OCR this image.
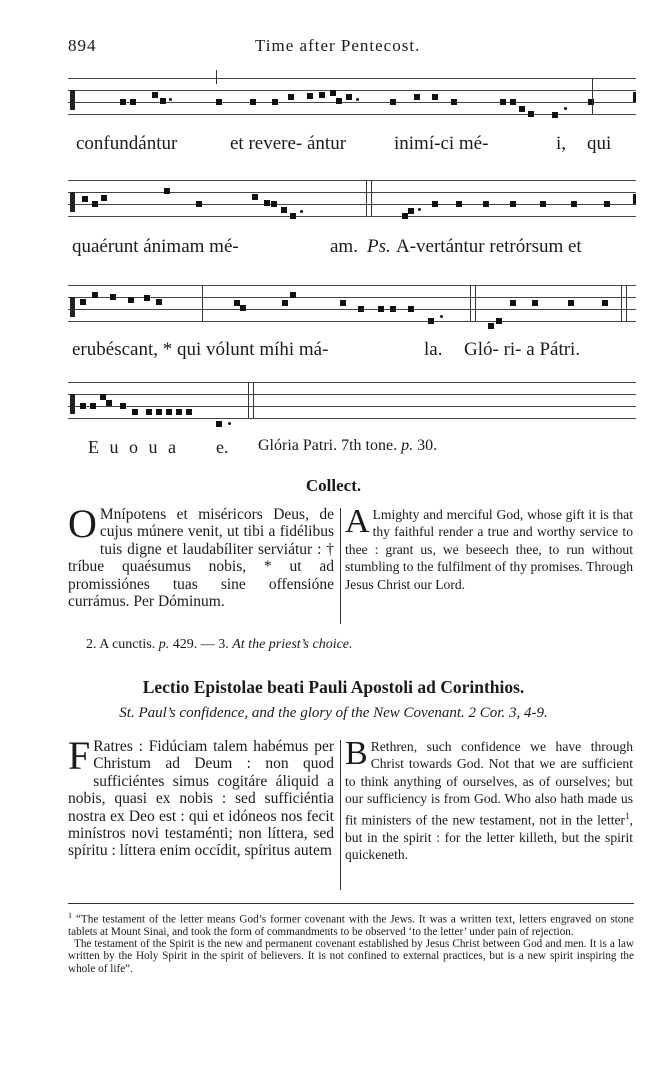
894	Time after Pentecost.
confundántur	et revere- ántur	inimí-ci mé-	i, qui
quaérunt ánimam mé-	am. Ps. A-vertántur retrórsum et
erubéscant, * qui vólunt míhi má-	la. Gló- ri- a Pátri.
E u o u a e. Glória Patri. 7th tone. p. 30.
Collect.
O Mnípotens et miséricors Deus, de cujus múnere venit, ut tibi a fidélibus tuis digne et laudabíliter serviátur : † tríbue quaésumus nobis, * ut ad promissiónes tuas sine offensióne currámus. Per Dóminum.
A Lmighty and merciful God, whose gift it is that thy faithful render a true and worthy service to thee : grant us, we beseech thee, to run without stumbling to the fulfilment of thy promises. Through Jesus Christ our Lord.
2. A cunctis. p. 429. — 3. At the priest’s choice.
Lectio Epistolae beati Pauli Apostoli ad Corinthios.
St. Paul’s confidence, and the glory of the New Covenant. 2 Cor. 3, 4-9.
F Ratres : Fidúciam talem habémus per Christum ad Deum : non quod sufficiéntes simus cogitáre áliquid a nobis, quasi ex nobis : sed sufficiéntia nostra ex Deo est : qui et idóneos nos fecit minístros novi testaménti; non líttera, sed spíritu : líttera enim occídit, spíritus autem
B Rethren, such confidence we have through Christ towards God. Not that we are sufficient to think anything of ourselves, as of ourselves; but our sufficiency is from God. Who also hath made us fit ministers of the new testament, not in the letter$^1$, but in the spirit : for the letter killeth, but the spirit quickeneth.

$^1$ “The testament of the letter means God’s former covenant with the Jews. It was a written text, letters engraved on stone tablets at Mount Sinai, and took the form of commandments to be observed ‘to the letter’ under pain of rejection.

The testament of the Spirit is the new and permanent covenant established by Jesus Christ between God and men. It is a law written by the Holy Spirit in the spirit of believers. It is not confined to external practices, but is a new spirit inspiring the whole of life”.
